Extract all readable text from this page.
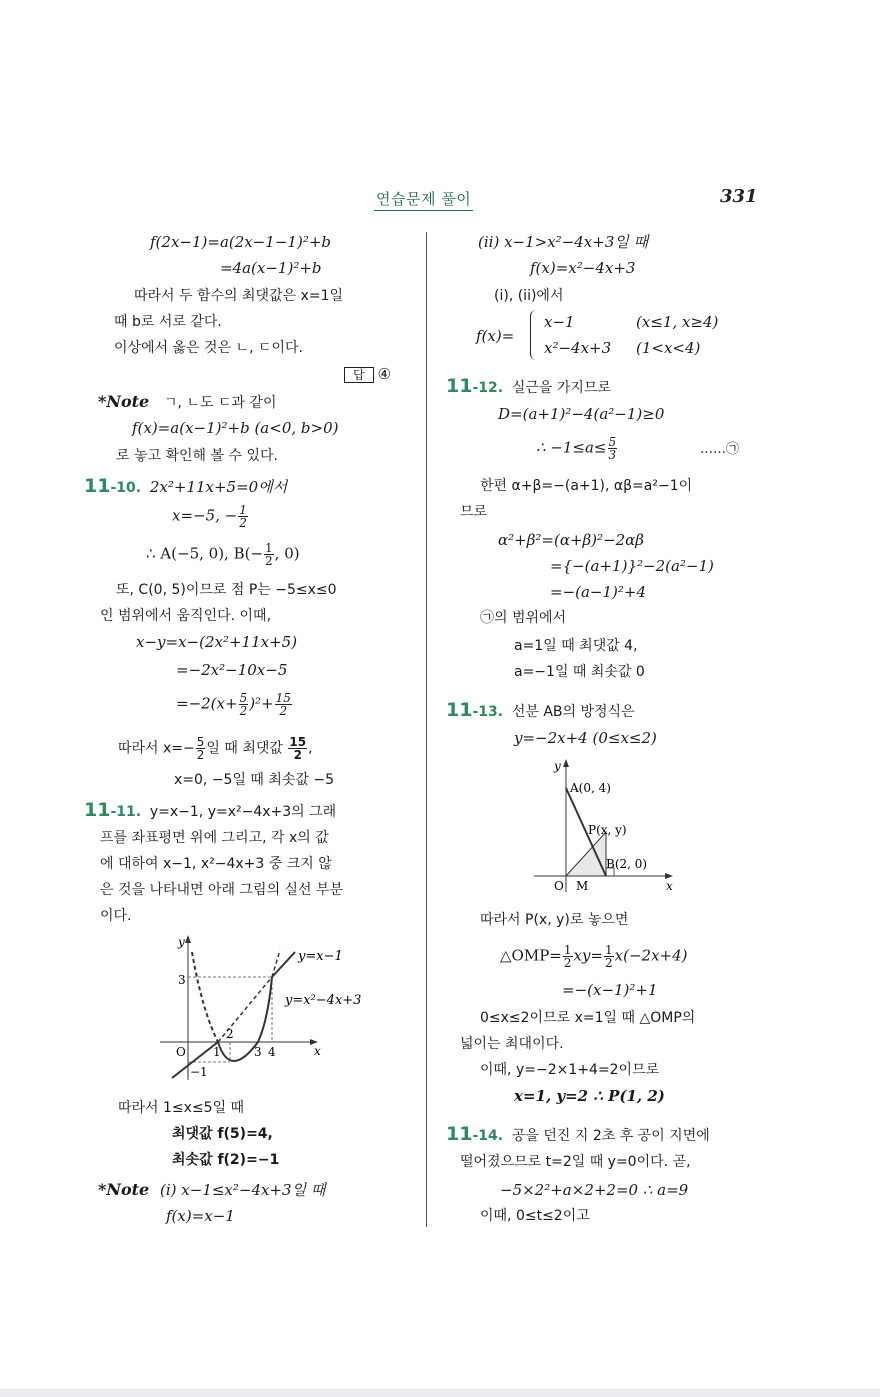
연습문제 풀이	331
f(2x−1)=a(2x−1−1)²+b
=4a(x−1)²+b
따라서 두 함수의 최댓값은 x=1일
때 b로 서로 같다.
이상에서 옳은 것은 ㄴ, ㄷ이다.
답 ④
*Note ㄱ, ㄴ도 ㄷ과 같이
f(x)=a(x−1)²+b (a<0, b>0)
로 놓고 확인해 볼 수 있다.
11-10. 2x²+11x+5=0에서
x=−5, − $\frac{1}{2}$
∴ A(−5, 0), $B(- \frac{1}{2}$ , 0)
또, C(0, 5)이므로 점 P는 −5≤x≤0
인 범위에서 움직인다. 이때,
x−y=x−(2x²+11x+5)
=−2x²−10x−5
$=-2(x+ \frac{5}{2} )^2+ \frac{15}{2}$
따라서 $x=- \frac{5}{2}$ 일 때 최댓값 $\frac{15}{2}$ ,
x=0, −5일 때 최솟값 −5
11-11. y=x−1, y=x²−4x+3의 그래
프를 좌표평면 위에 그리고, 각 x의 값
에 대하여 x−1, x²−4x+3 중 크지 않
은 것을 나타내면 아래 그림의 실선 부분
이다.
y
x
O
3
−1
1
2
3 4
y=x−1
y=x²−4x+3
따라서 1≤x≤5일 때
최댓값 f(5)=4,
최솟값 f(2)=−1
*Note (i) x−1≤x²−4x+3일 때
f(x)=x−1
(ii) x−1>x²−4x+3일 때
f(x)=x²−4x+3
(i), (ii)에서
f(x)=
x−1	(x≤1, x≥4)
x²−4x+3 (1<x<4)
11-12. 실근을 가지므로
D=(a+1)²−4(a²−1)≥0
∴ $-1\le a\le \frac{5}{3}$	……㉠
한편 α+β=−(a+1), αβ=a²−1이
므로
α²+β²=(α+β)²−2αβ
={−(a+1)}²−2(a²−1)
=−(a−1)²+4
㉠의 범위에서
a=1일 때 최댓값 4,
a=−1일 때 최솟값 0
11-13. 선분 AB의 방정식은
y=−2x+4 (0≤x≤2)
y
x
O M
A(0, 4)
P(x, y)
B(2, 0)
따라서 P(x, y)로 놓으면
△OMP= $\frac{1}{2} xy= \frac{1}{2} x(-2x+4)$
=−(x−1)²+1
0≤x≤2이므로 x=1일 때 △OMP의
넓이는 최대이다.
이때, y=−2×1+4=2이므로
x=1, y=2 ∴ P(1, 2)
11-14. 공을 던진 지 2초 후 공이 지면에
떨어졌으므로 t=2일 때 y=0이다. 곧,
−5×2²+a×2+2=0 ∴ a=9
이때, 0≤t≤2이고
